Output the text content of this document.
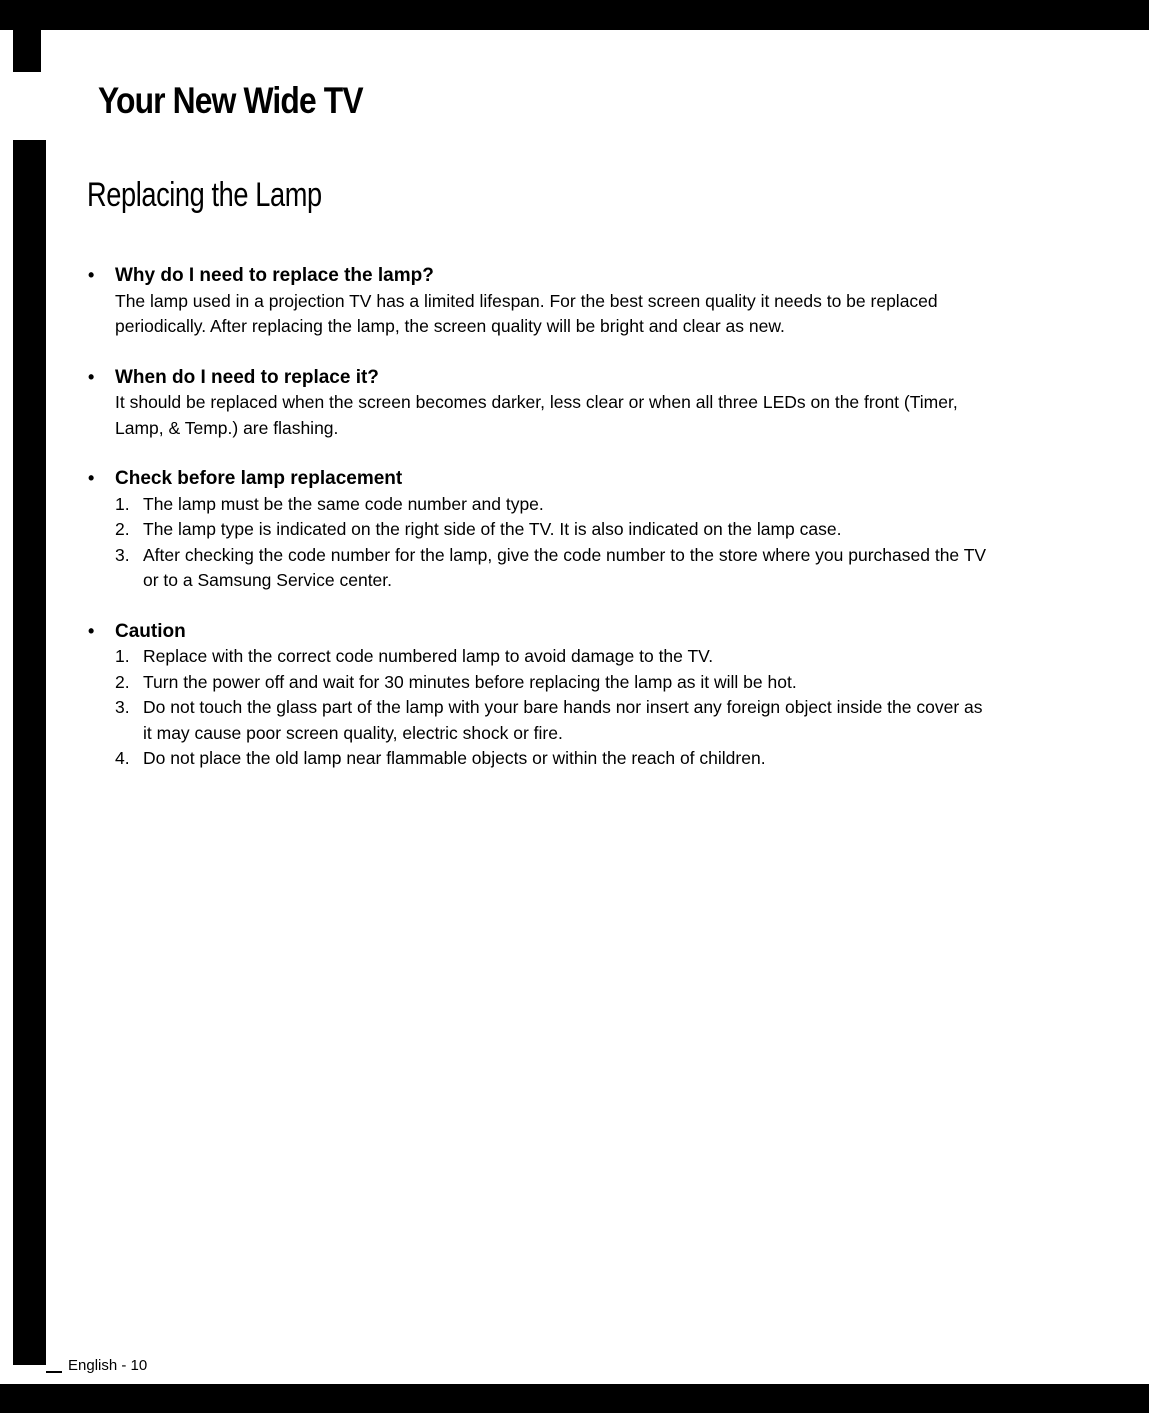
Your New Wide TV
Replacing the Lamp
• Why do I need to replace the lamp?
The lamp used in a projection TV has a limited lifespan. For the best screen quality it needs to be replaced periodically. After replacing the lamp, the screen quality will be bright and clear as new.
• When do I need to replace it?
It should be replaced when the screen becomes darker, less clear or when all three LEDs on the front (Timer, Lamp, & Temp.) are flashing.
• Check before lamp replacement
1. The lamp must be the same code number and type.
2. The lamp type is indicated on the right side of the TV. It is also indicated on the lamp case.
3. After checking the code number for the lamp, give the code number to the store where you purchased the TV or to a Samsung Service center.
• Caution
1. Replace with the correct code numbered lamp to avoid damage to the TV.
2. Turn the power off and wait for 30 minutes before replacing the lamp as it will be hot.
3. Do not touch the glass part of the lamp with your bare hands nor insert any foreign object inside the cover as it may cause poor screen quality, electric shock or fire.
4. Do not place the old lamp near flammable objects or within the reach of children.
English - 10
